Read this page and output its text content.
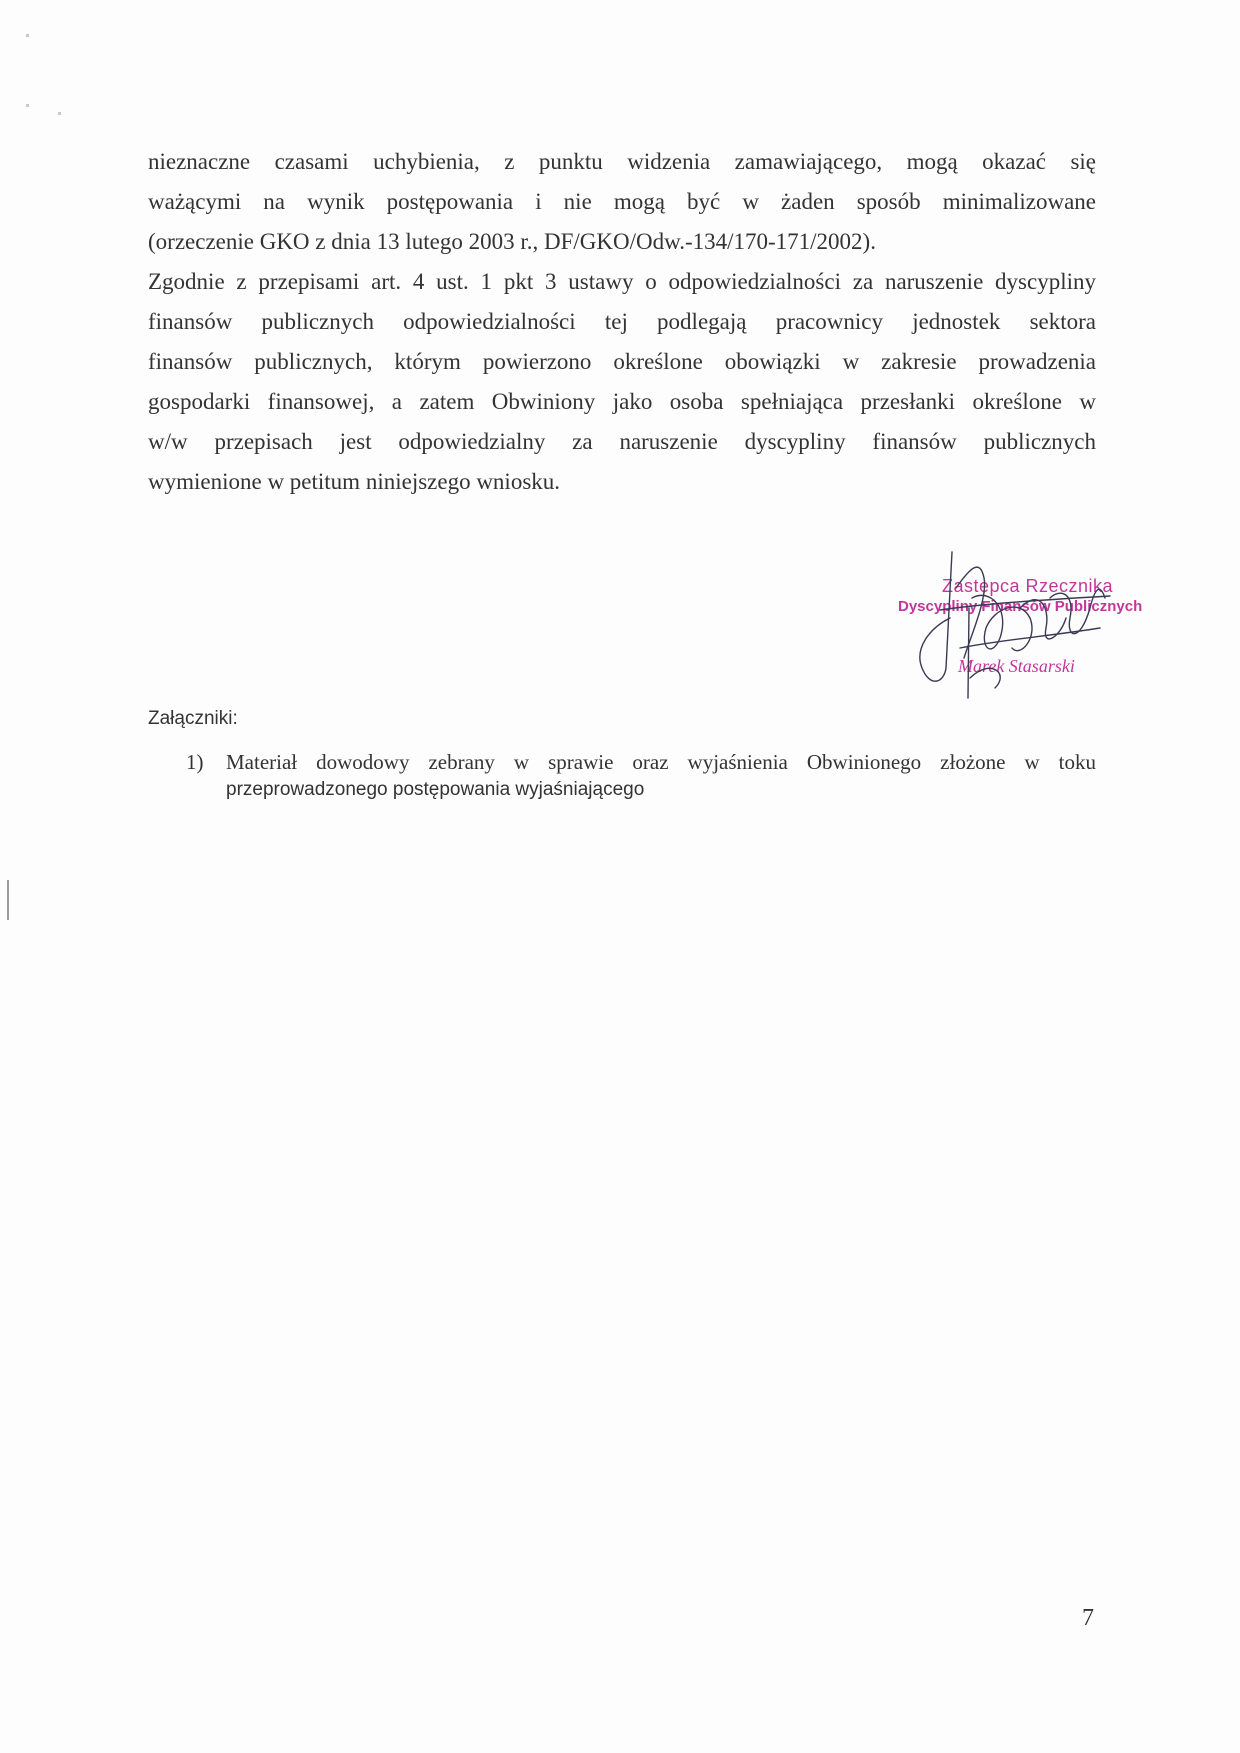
nieznaczne czasami uchybienia, z punktu widzenia zamawiającego, mogą okazać się
ważącymi na wynik postępowania i nie mogą być w żaden sposób minimalizowane
(orzeczenie GKO z dnia 13 lutego 2003 r., DF/GKO/Odw.-134/170-171/2002).
Zgodnie z przepisami art. 4 ust. 1 pkt 3 ustawy o odpowiedzialności za naruszenie dyscypliny
finansów publicznych odpowiedzialności tej podlegają pracownicy jednostek sektora
finansów publicznych, którym powierzono określone obowiązki w zakresie prowadzenia
gospodarki finansowej, a zatem Obwiniony jako osoba spełniająca przesłanki określone w
w/w przepisach jest odpowiedzialny za naruszenie dyscypliny finansów publicznych
wymienione w petitum niniejszego wniosku.

Zastępca Rzecznika
Dyscypliny Finansów Publicznych
Marek Stasarski
Załączniki:
1)	Materiał dowodowy zebrany w sprawie oraz wyjaśnienia Obwinionego złożone w toku
przeprowadzonego postępowania wyjaśniającego
7
